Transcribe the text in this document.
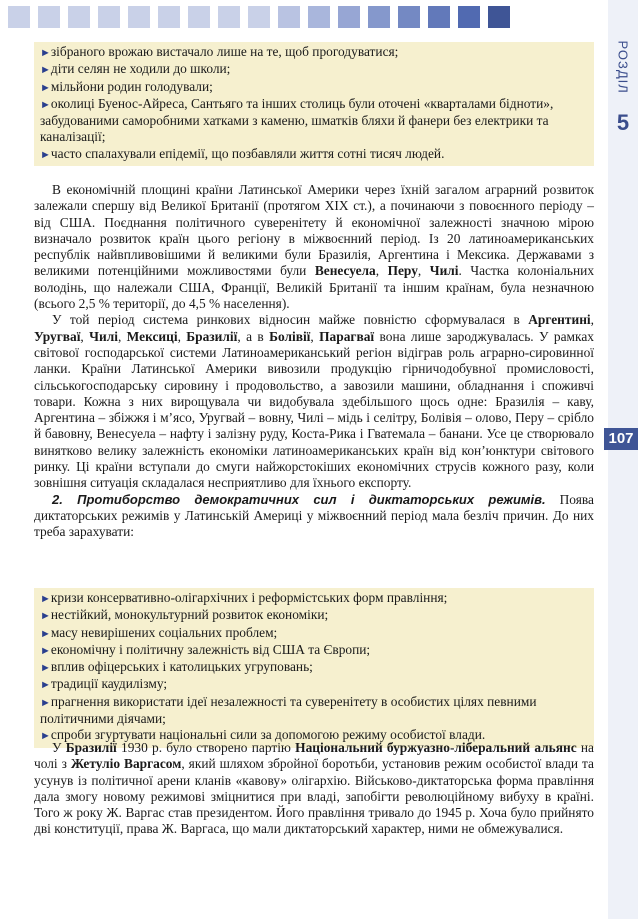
РОЗДІЛ
5
107
►зібраного врожаю вистачало лише на те, щоб прогодуватися;
►діти селян не ходили до школи;
►мільйони родин голодували;
►околиці Буенос-Айреса, Сантьяго та інших столиць були оточені «кварталами бідноти», забудованими саморобними хатками з каменю, шматків бляхи й фанери без електрики та каналізації;
►часто спалахували епідемії, що позбавляли життя сотні тисяч людей.

В економічній площині країни Латинської Америки через їхній загалом аграрний розвиток залежали спершу від Великої Британії (протягом XIX ст.), а починаючи з повоєнного періоду – від США. Поєднання політичного суверенітету й економічної залежності значною мірою визначало розвиток країн цього регіону в міжвоєнний період. Із 20 латиноамериканських республік найвпливовішими й великими були Бразилія, Аргентина і Мексика. Державами з великими потенційними можливостями були Венесуела, Перу, Чилі. Частка колоніальних володінь, що належали США, Франції, Великій Британії та іншим країнам, була незначною (всього 2,5 % території, до 4,5 % населення).

У той період система ринкових відносин майже повністю сформувалася в Аргентині, Уругваї, Чилі, Мексиці, Бразилії, а в Болівії, Парагваї вона лише зароджувалась. У рамках світової господарської системи Латиноамериканський регіон відіграв роль аграрно-сировинної ланки. Країни Латинської Америки вивозили продукцію гірничодобувної промисловості, сільськогосподарську сировину і продовольство, а завозили машини, обладнання і споживчі товари. Кожна з них вирощувала чи видобувала здебільшого щось одне: Бразилія – каву, Аргентина – збіжжя і м’ясо, Уругвай – вовну, Чилі – мідь і селітру, Болівія – олово, Перу – срібло й бавовну, Венесуела – нафту і залізну руду, Коста-Рика і Гватемала – банани. Усе це створювало винятково велику залежність економіки латиноамериканських країн від кон’юнктури світового ринку. Ці країни вступали до смуги найжорстокіших економічних струсів кожного разу, коли зовнішня ситуація складалася несприятливо для їхнього експорту.

2. Протиборство демократичних сил і диктаторських режимів. Поява диктаторських режимів у Латинській Америці у міжвоєнний період мала безліч причин. До них треба зарахувати:

►кризи консервативно-олігархічних і реформістських форм правління;
►нестійкий, монокультурний розвиток економіки;
►масу невирішених соціальних проблем;
►економічну і політичну залежність від США та Європи;
►вплив офіцерських і католицьких угруповань;
►традиції каудилізму;
►прагнення використати ідеї незалежності та суверенітету в особистих цілях певними політичними діячами;
►спроби згуртувати національні сили за допомогою режиму особистої влади.

У Бразилії 1930 р. було створено партію Національний буржуазно-ліберальний альянс на чолі з Жетуліо Варгасом, який шляхом збройної боротьби, установив режим особистої влади та усунув із політичної арени кланів «кавову» олігархію. Військово-диктаторська форма правління дала змогу новому режимові зміцнитися при владі, запобігти революційному вибуху в країні. Того ж року Ж. Варгас став президентом. Його правління тривало до 1945 р. Хоча було прийнято дві конституції, права Ж. Варгаса, що мали диктаторський характер, ними не обмежувалися.
